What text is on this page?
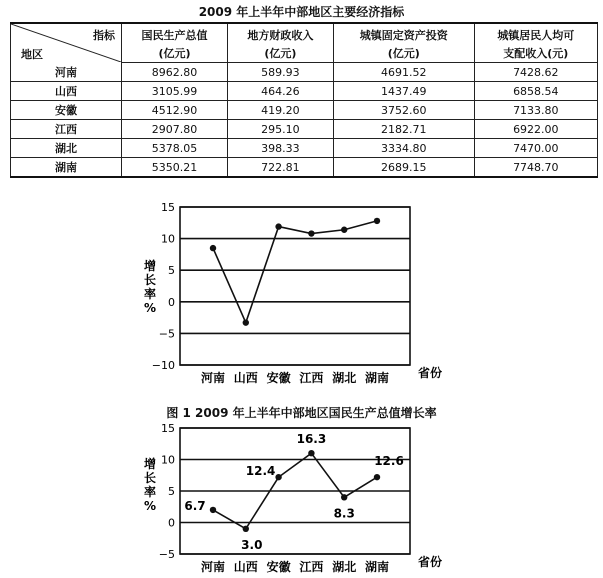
2009 年上半年中部地区主要经济指标
指标
地区	国民生产总值	地方财政收入	城镇固定资产投资	城镇居民人均可
	(亿元)	(亿元)	(亿元)	支配收入(元)
河南	8962.80	589.93	4691.52	7428.62
山西	3105.99	464.26	1437.49	6858.54
安徽	4512.90	419.20	3752.60	7133.80
江西	2907.80	295.10	2182.71	6922.00
湖北	5378.05	398.33	3334.80	7470.00
湖南	5350.21	722.81	2689.15	7748.70
15
10
5
0
−5
−10
增
长
率
%
河南 山西 安徽 江西 湖北 湖南 省份
图 1 2009 年上半年中部地区国民生产总值增长率
15
10
5
0
−5
增
长
率
%
河南 山西 安徽 江西 湖北 湖南 省份
6.7
3.0
12.4
16.3
8.3
12.6
